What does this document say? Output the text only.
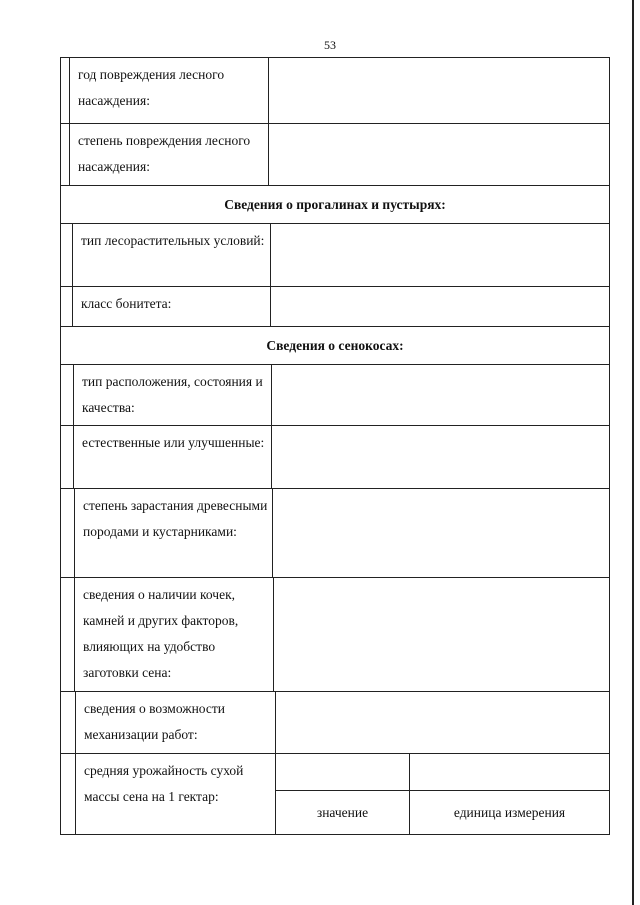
53
год повреждения лесного насаждения:
степень повреждения лесного насаждения:
Сведения о прогалинах и пустырях:
тип лесорастительных условий:
класс бонитета:
Сведения о сенокосах:
тип расположения, состояния и качества:
естественные или улучшенные:
степень зарастания древесными породами и кустарниками:
сведения о наличии кочек, камней и других факторов, влияющих на удобство заготовки сена:
сведения о возможности механизации работ:
средняя урожайность сухой массы сена на 1 гектар:
значение	единица измерения
